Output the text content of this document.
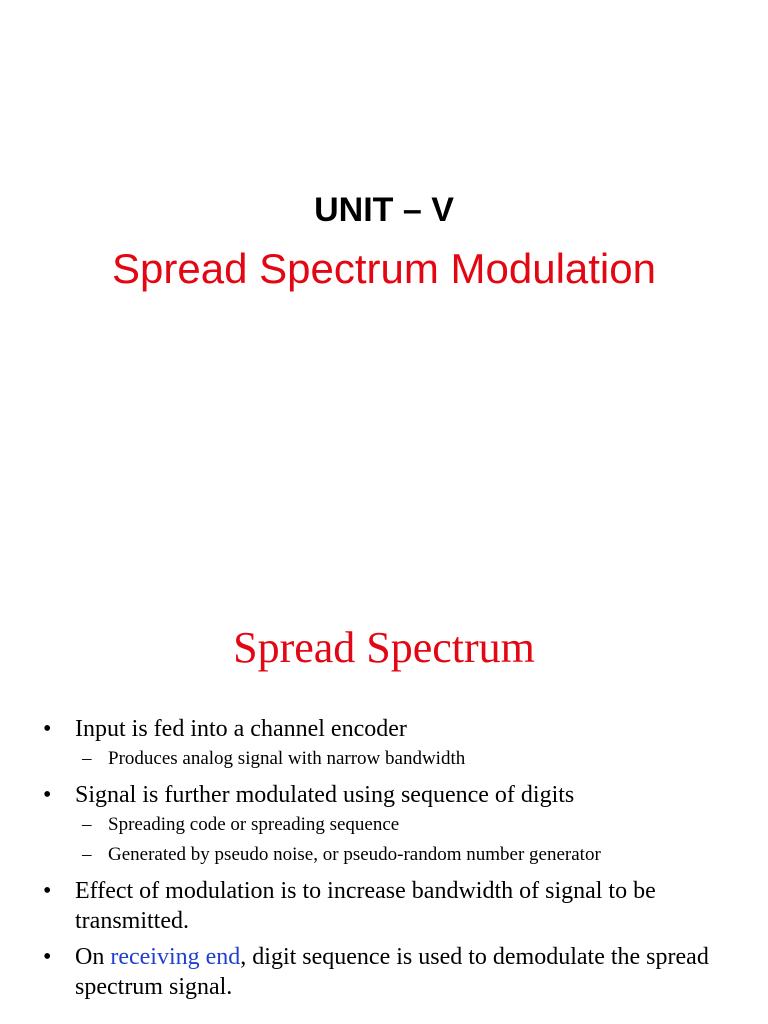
UNIT – V
Spread Spectrum Modulation
Spread Spectrum
• Input is fed into a channel encoder
– Produces analog signal with narrow bandwidth
• Signal is further modulated using sequence of digits
– Spreading code or spreading sequence
– Generated by pseudo noise, or pseudo-random number generator
• Effect of modulation is to increase bandwidth of signal to be transmitted.
• On receiving end, digit sequence is used to demodulate the spread spectrum signal.
